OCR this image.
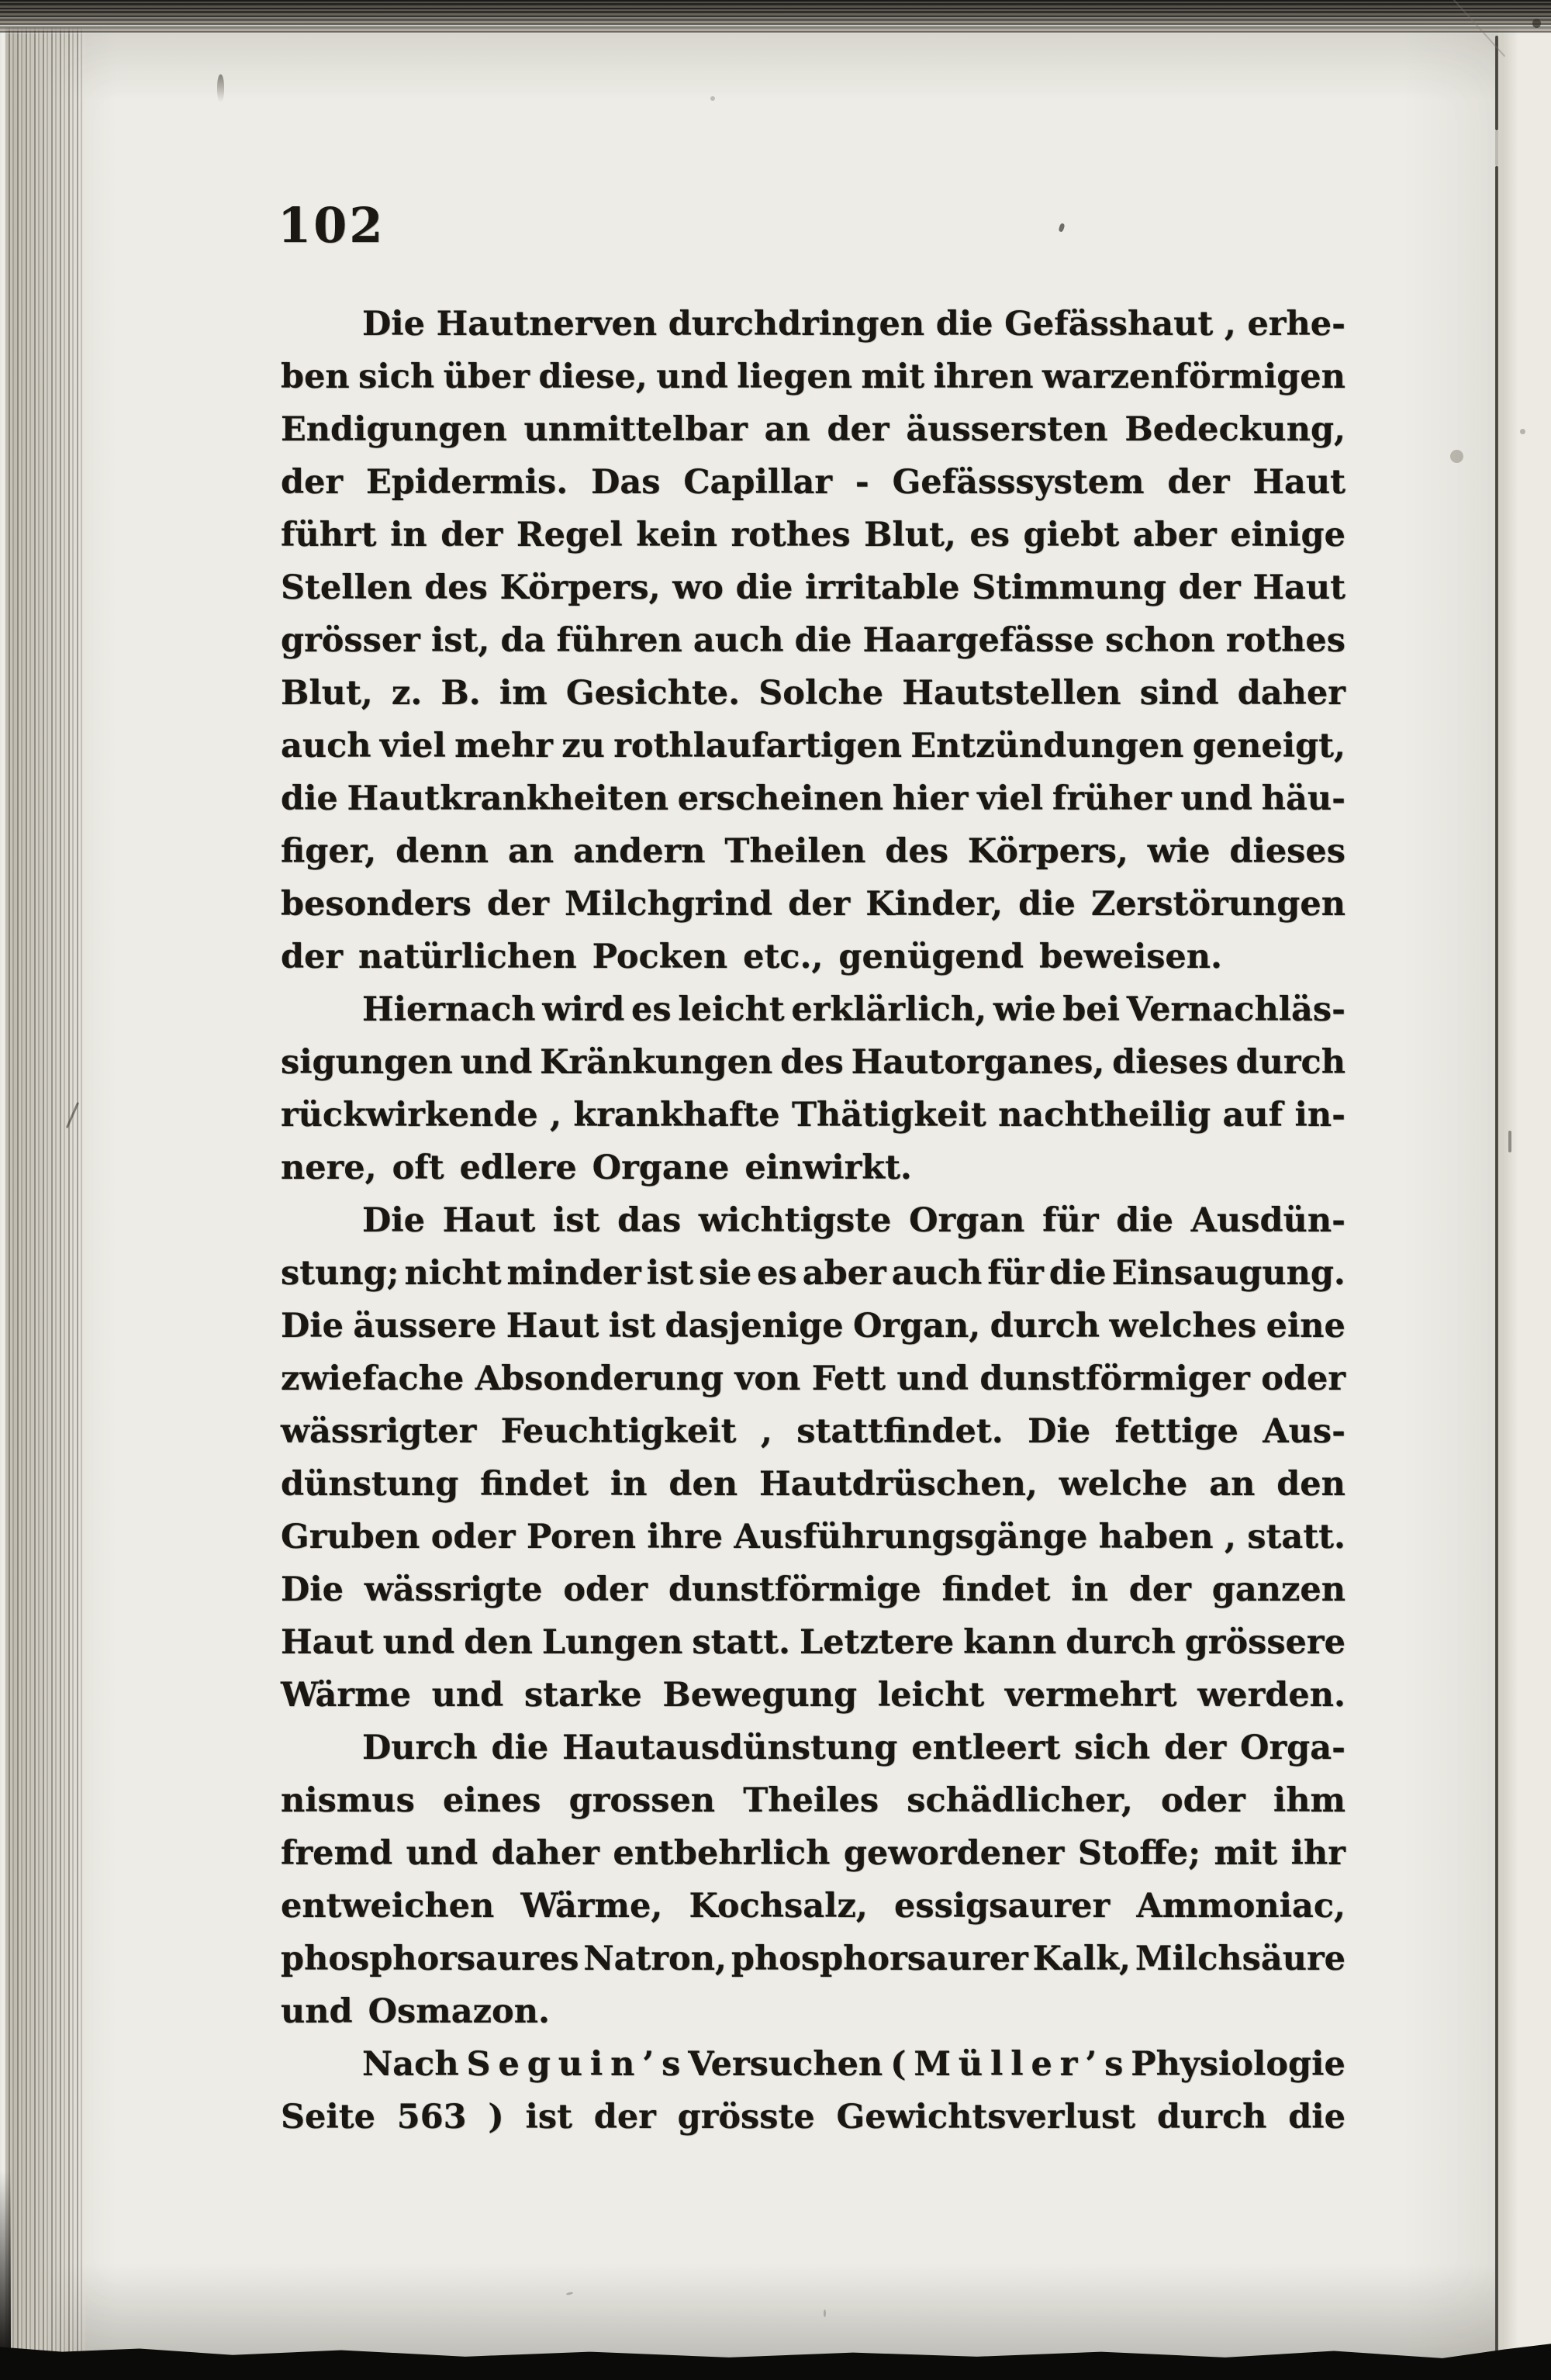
102
Die Hautnerven durchdringen die Gefässhaut , erhe-
ben sich über diese, und liegen mit ihren warzenförmigen
Endigungen unmittelbar an der äussersten Bedeckung,
der Epidermis. Das Capillar - Gefässsystem der Haut
führt in der Regel kein rothes Blut, es giebt aber einige
Stellen des Körpers, wo die irritable Stimmung der Haut
grösser ist, da führen auch die Haargefässe schon rothes
Blut, z. B. im Gesichte. Solche Hautstellen sind daher
auch viel mehr zu rothlaufartigen Entzündungen geneigt,
die Hautkrankheiten erscheinen hier viel früher und häu-
figer, denn an andern Theilen des Körpers, wie dieses
besonders der Milchgrind der Kinder, die Zerstörungen
der natürlichen Pocken etc., genügend beweisen.
Hiernach wird es leicht erklärlich, wie bei Vernachläs-
sigungen und Kränkungen des Hautorganes, dieses durch
rückwirkende , krankhafte Thätigkeit nachtheilig auf in-
nere, oft edlere Organe einwirkt.
Die Haut ist das wichtigste Organ für die Ausdün-
stung; nicht minder ist sie es aber auch für die Einsaugung.
Die äussere Haut ist dasjenige Organ, durch welches eine
zwiefache Absonderung von Fett und dunstförmiger oder
wässrigter Feuchtigkeit , stattfindet. Die fettige Aus-
dünstung findet in den Hautdrüschen, welche an den
Gruben oder Poren ihre Ausführungsgänge haben , statt.
Die wässrigte oder dunstförmige findet in der ganzen
Haut und den Lungen statt. Letztere kann durch grössere
Wärme und starke Bewegung leicht vermehrt werden.
Durch die Hautausdünstung entleert sich der Orga-
nismus eines grossen Theiles schädlicher, oder ihm
fremd und daher entbehrlich gewordener Stoffe; mit ihr
entweichen Wärme, Kochsalz, essigsaurer Ammoniac,
phosphorsaures Natron, phosphorsaurer Kalk, Milchsäure
und Osmazon.
Nach S e g u i n ’ s Versuchen ( M ü l l e r ’ s Physiologie
Seite 563 ) ist der grösste Gewichtsverlust durch die
